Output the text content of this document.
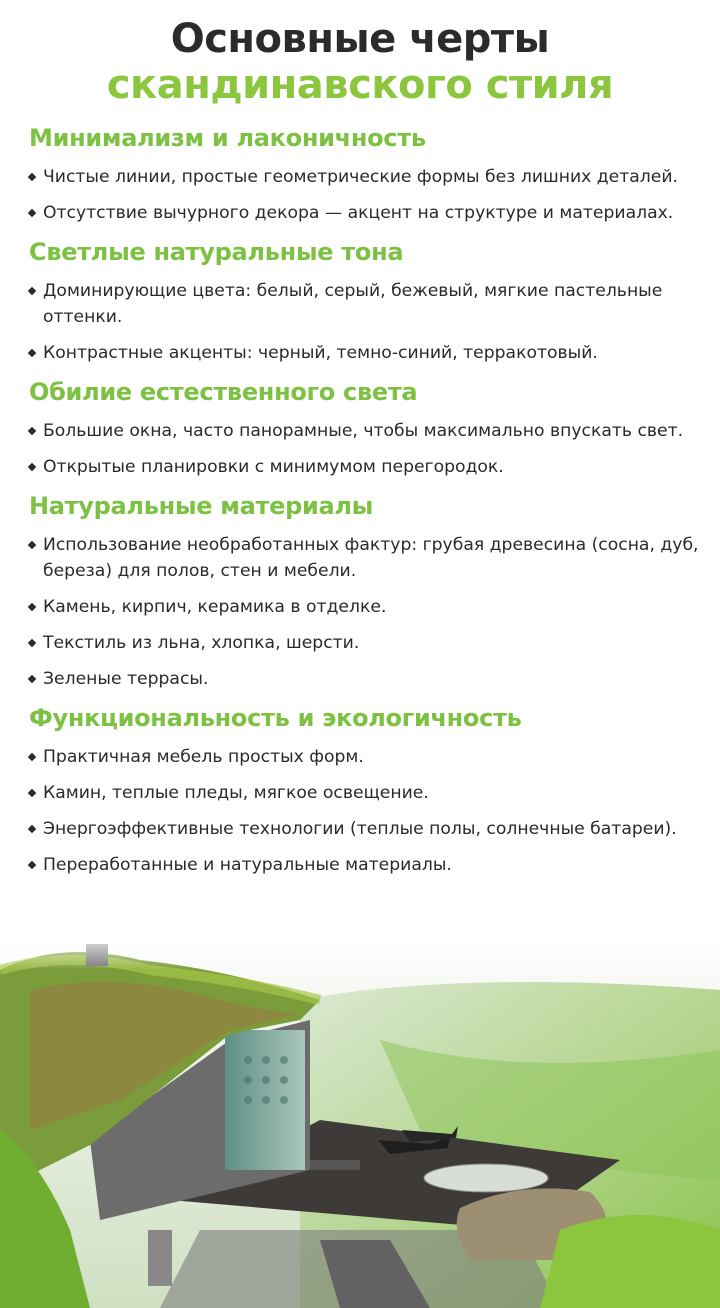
Основные черты
скандинавского стиля
Минимализм и лаконичность
Чистые линии, простые геометрические формы без лишних деталей.
Отсутствие вычурного декора — акцент на структуре и материалах.
Светлые натуральные тона
Доминирующие цвета: белый, серый, бежевый, мягкие пастельные оттенки.
Контрастные акценты: черный, темно-синий, терракотовый.
Обилие естественного света
Большие окна, часто панорамные, чтобы максимально впускать свет.
Открытые планировки с минимумом перегородок.
Натуральные материалы
Использование необработанных фактур: грубая древесина (сосна, дуб, береза) для полов, стен и мебели.
Камень, кирпич, керамика в отделке.
Текстиль из льна, хлопка, шерсти.
Зеленые террасы.
Функциональность и экологичность
Практичная мебель простых форм.
Камин, теплые пледы, мягкое освещение.
Энергоэффективные технологии (теплые полы, солнечные батареи).
Переработанные и натуральные материалы.
